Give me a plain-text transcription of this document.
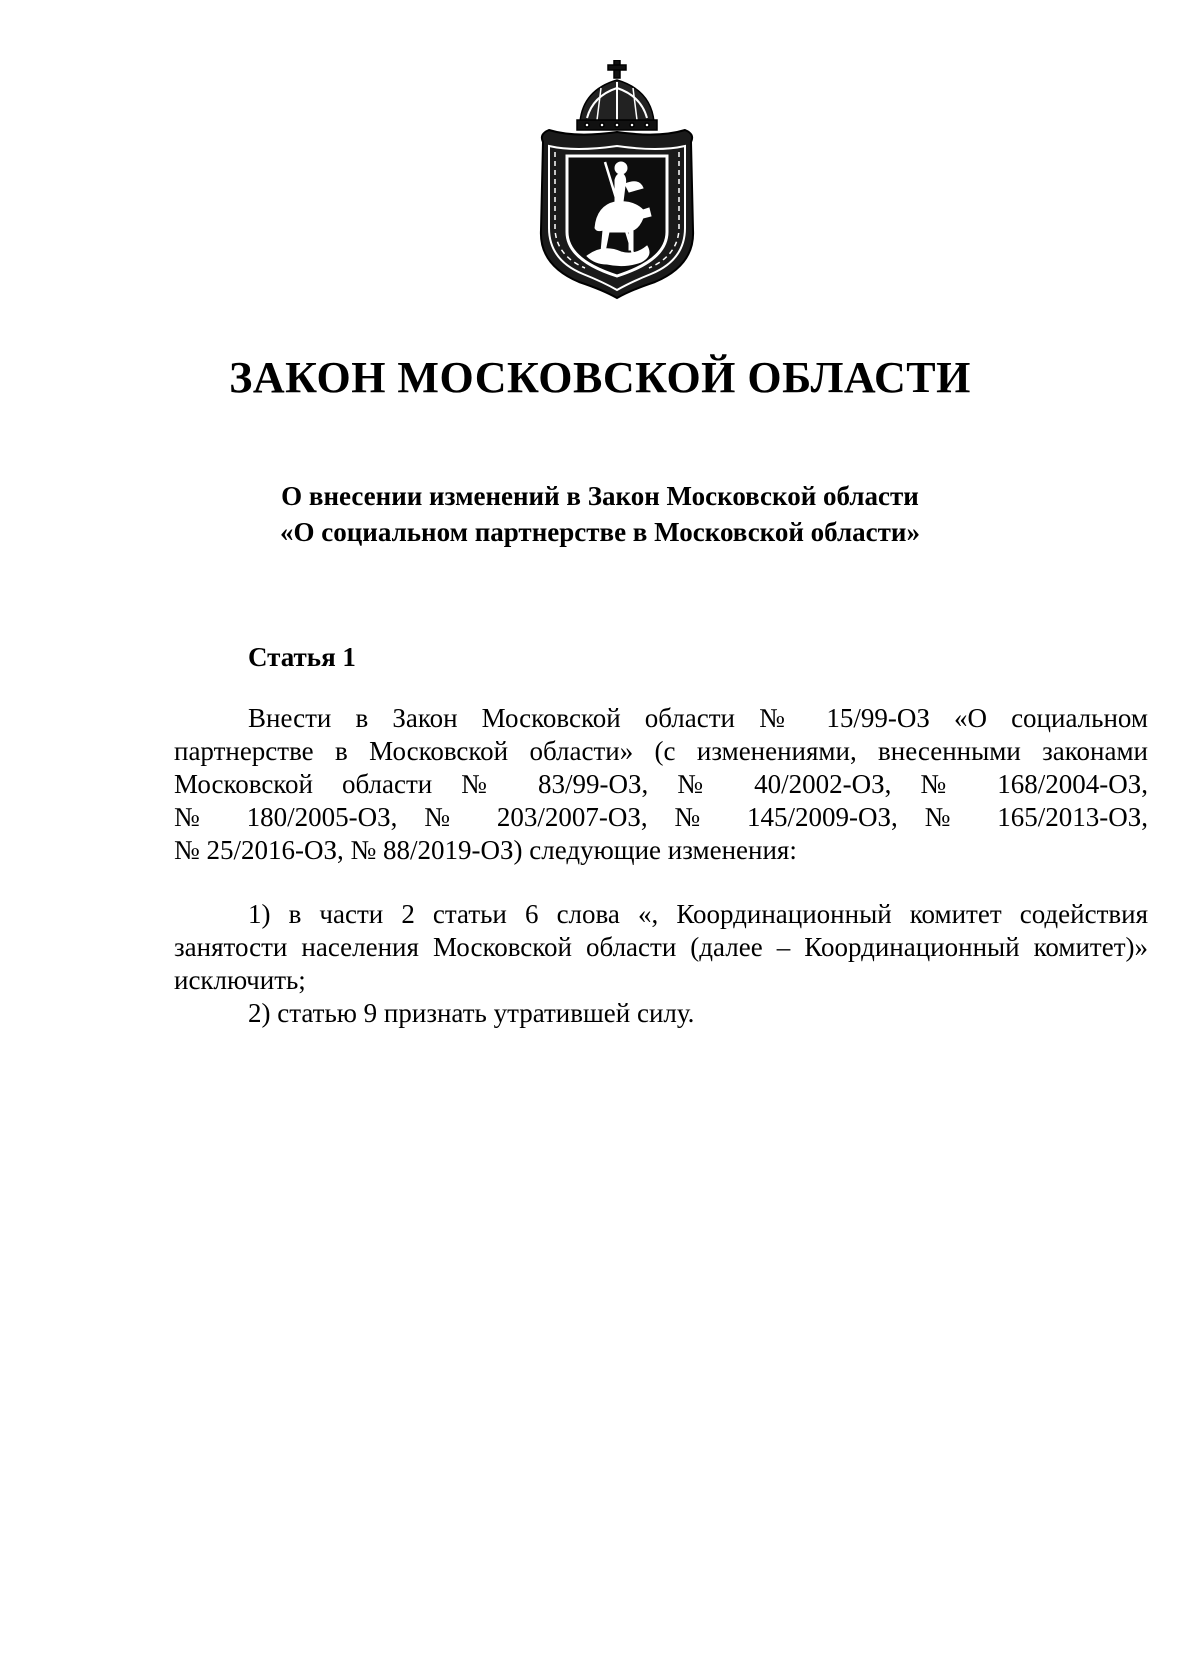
ЗАКОН МОСКОВСКОЙ ОБЛАСТИ
О внесении изменений в Закон Московской области
«О социальном партнерстве в Московской области»
Статья 1
Внести в Закон Московской области № 15/99-ОЗ «О социальном
партнерстве в Московской области» (с изменениями, внесенными законами
Московской области № 83/99-ОЗ, № 40/2002-ОЗ, № 168/2004-ОЗ,
№ 180/2005-ОЗ, № 203/2007-ОЗ, № 145/2009-ОЗ, № 165/2013-ОЗ,
№ 25/2016-ОЗ, № 88/2019-ОЗ) следующие изменения:
1) в части 2 статьи 6 слова «, Координационный комитет содействия
занятости населения Московской области (далее – Координационный комитет)»
исключить;
2) статью 9 признать утратившей силу.
